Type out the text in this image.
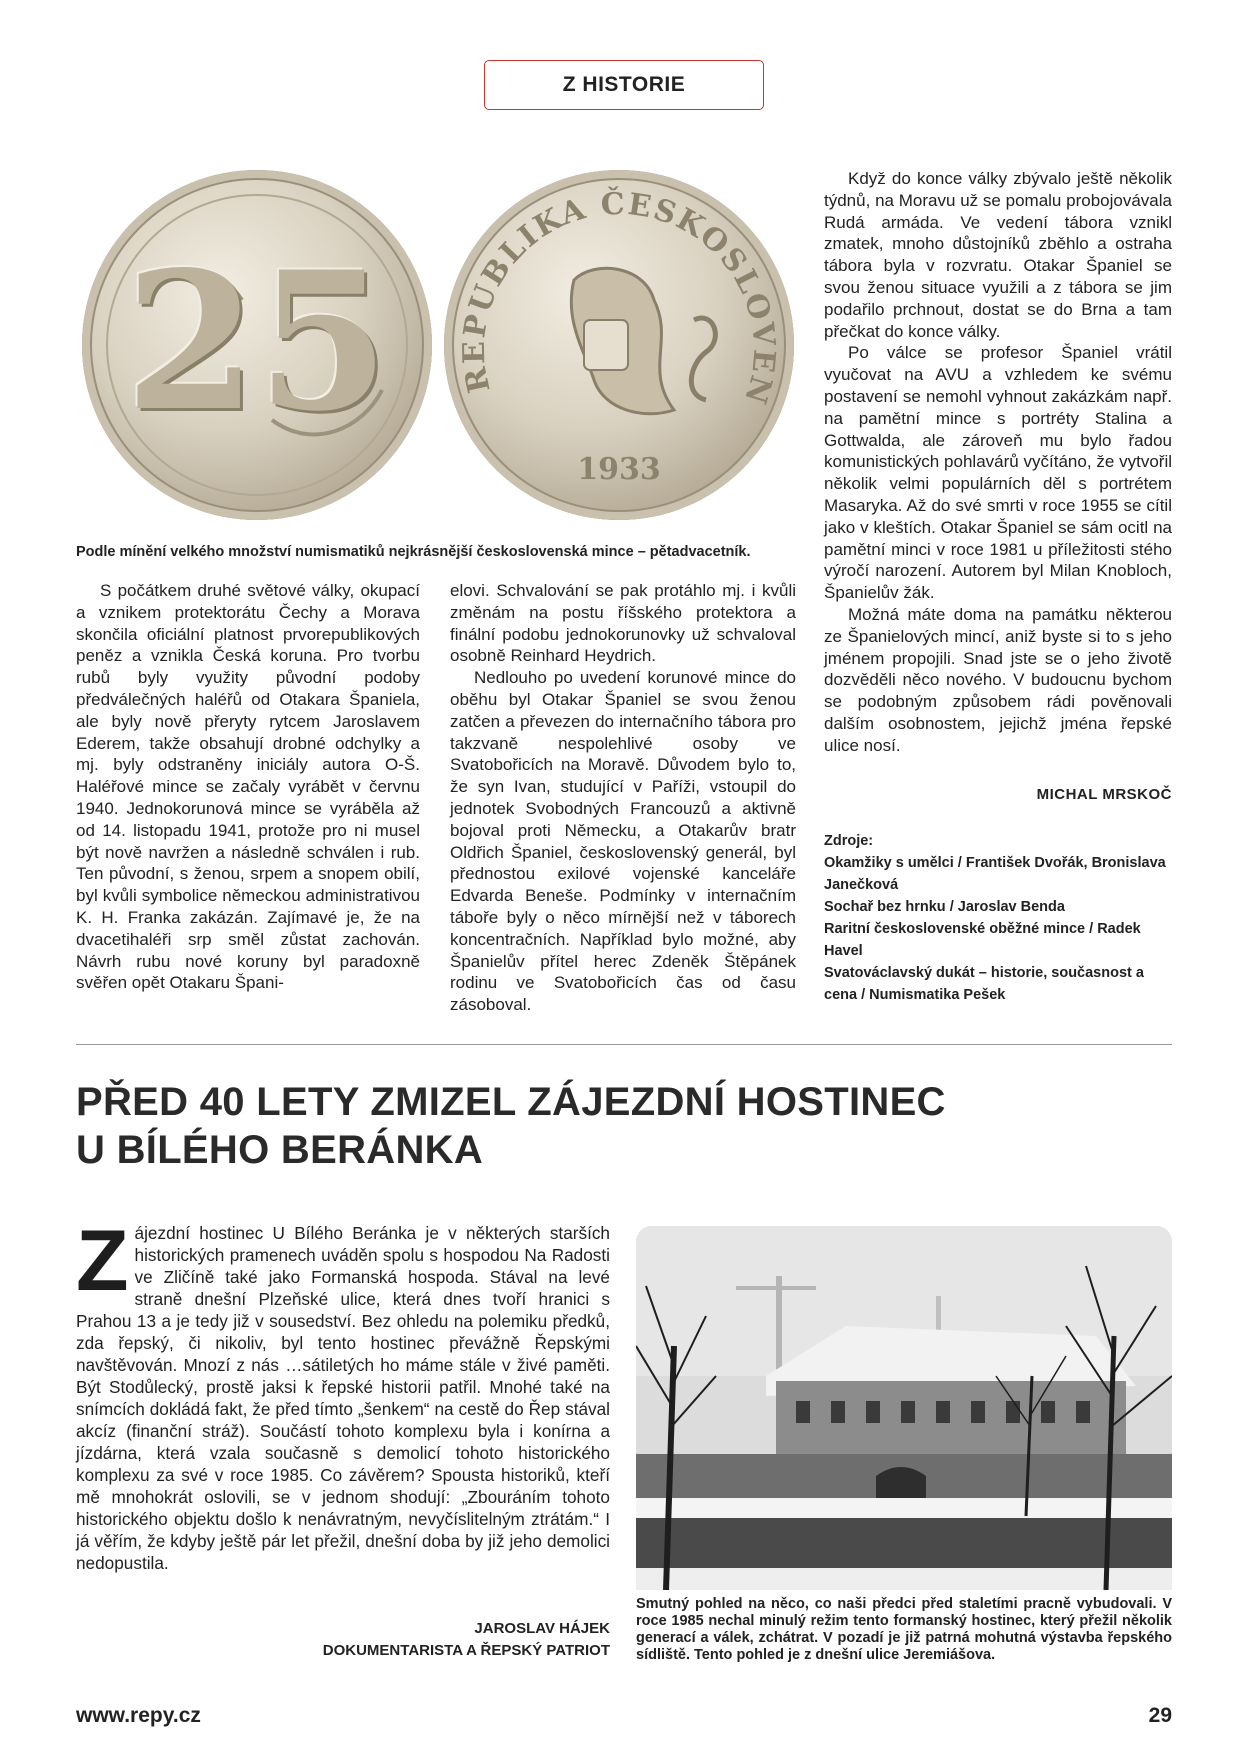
Z HISTORIE
25	REPUBLIKA ČESKOSLOVEN
1933
Podle mínění velkého množství numismatiků nejkrásnější československá mince – pětadvacetník.

S počátkem druhé světové války, okupací a vznikem protektorátu Čechy a Morava skončila oficiální platnost prvorepublikových peněz a vznikla Česká koruna. Pro tvorbu rubů byly využity původní podoby předválečných haléřů od Otakara Španiela, ale byly nově přeryty rytcem Jaroslavem Ederem, takže obsahují drobné odchylky a mj. byly odstraněny iniciály autora O-Š. Haléřové mince se začaly vyrábět v červnu 1940. Jednokorunová mince se vyráběla až od 14. listopadu 1941, protože pro ni musel být nově navržen a následně schválen i rub. Ten původní, s ženou, srpem a snopem obilí, byl kvůli symbolice německou administrativou K. H. Franka zakázán. Zajímavé je, že na dvacetihaléři srp směl zůstat zachován. Návrh rubu nové koruny byl paradoxně svěřen opět Otakaru Špani-

elovi. Schvalování se pak protáhlo mj. i kvůli změnám na postu říšského protektora a finální podobu jednokorunovky už schvaloval osobně Reinhard Heydrich.

Nedlouho po uvedení korunové mince do oběhu byl Otakar Španiel se svou ženou zatčen a převezen do internačního tábora pro takzvaně nespolehlivé osoby ve Svatobořicích na Moravě. Důvodem bylo to, že syn Ivan, studující v Paříži, vstoupil do jednotek Svobodných Francouzů a aktivně bojoval proti Německu, a Otakarův bratr Oldřich Španiel, československý generál, byl přednostou exilové vojenské kanceláře Edvarda Beneše. Podmínky v internačním táboře byly o něco mírnější než v táborech koncentračních. Například bylo možné, aby Španielův přítel herec Zdeněk Štěpánek rodinu ve Svatobořicích čas od času zásoboval.

Když do konce války zbývalo ještě několik týdnů, na Moravu už se pomalu probojovávala Rudá armáda. Ve vedení tábora vznikl zmatek, mnoho důstojníků zběhlo a ostraha tábora byla v rozvratu. Otakar Španiel se svou ženou situace využili a z tábora se jim podařilo prchnout, dostat se do Brna a tam přečkat do konce války.

Po válce se profesor Španiel vrátil vyučovat na AVU a vzhledem ke svému postavení se nemohl vyhnout zakázkám např. na pamětní mince s portréty Stalina a Gottwalda, ale zároveň mu bylo řadou komunistických pohlavárů vyčítáno, že vytvořil několik velmi populárních děl s portrétem Masaryka. Až do své smrti v roce 1955 se cítil jako v kleštích. Otakar Španiel se sám ocitl na pamětní minci v roce 1981 u příležitosti stého výročí narození. Autorem byl Milan Knobloch, Španielův žák.

Možná máte doma na památku některou ze Španielových mincí, aniž byste si to s jeho jménem propojili. Snad jste se o jeho životě dozvěděli něco nového. V budoucnu bychom se podobným způsobem rádi pověnovali dalším osobnostem, jejichž jména řepské ulice nosí.

MICHAL MRSKOČ
Zdroje:
Okamžiky s umělci / František Dvořák, Bronislava Janečková
Sochař bez hrnku / Jaroslav Benda
Raritní československé oběžné mince / Radek Havel
Svatováclavský dukát – historie, současnost a cena / Numismatika Pešek
PŘED 40 LETY ZMIZEL ZÁJEZDNÍ HOSTINEC
U BÍLÉHO BERÁNKA
Zájezdní hostinec U Bílého Beránka je v některých starších historických pramenech uváděn spolu s hospodou Na Radosti ve Zličíně také jako Formanská hospoda. Stával na levé straně dnešní Plzeňské ulice, která dnes tvoří hranici s Prahou 13 a je tedy již v sousedství. Bez ohledu na polemiku předků, zda řepský, či nikoliv, byl tento hostinec převážně Řepskými navštěvován. Mnozí z nás …sátiletých ho máme stále v živé paměti. Být Stodůlecký, prostě jaksi k řepské historii patřil. Mnohé také na snímcích dokládá fakt, že před tímto „šenkem“ na cestě do Řep stával akcíz (finanční stráž). Součástí tohoto komplexu byla i konírna a jízdárna, která vzala současně s demolicí tohoto historického komplexu za své v roce 1985. Co závěrem? Spousta historiků, kteří mě mnohokrát oslovili, se v jednom shodují: „Zbouráním tohoto historického objektu došlo k nenávratným, nevyčíslitelným ztrátám.“ I já věřím, že kdyby ještě pár let přežil, dnešní doba by již jeho demolici nedopustila.
JAROSLAV HÁJEK
DOKUMENTARISTA A ŘEPSKÝ PATRIOT
Smutný pohled na něco, co naši předci před staletími pracně vybudovali. V roce 1985 nechal minulý režim tento formanský hostinec, který přežil několik generací a válek, zchátrat. V pozadí je již patrná mohutná výstavba řepského sídliště. Tento pohled je z dnešní ulice Jeremiášova.
www.repy.cz	29
